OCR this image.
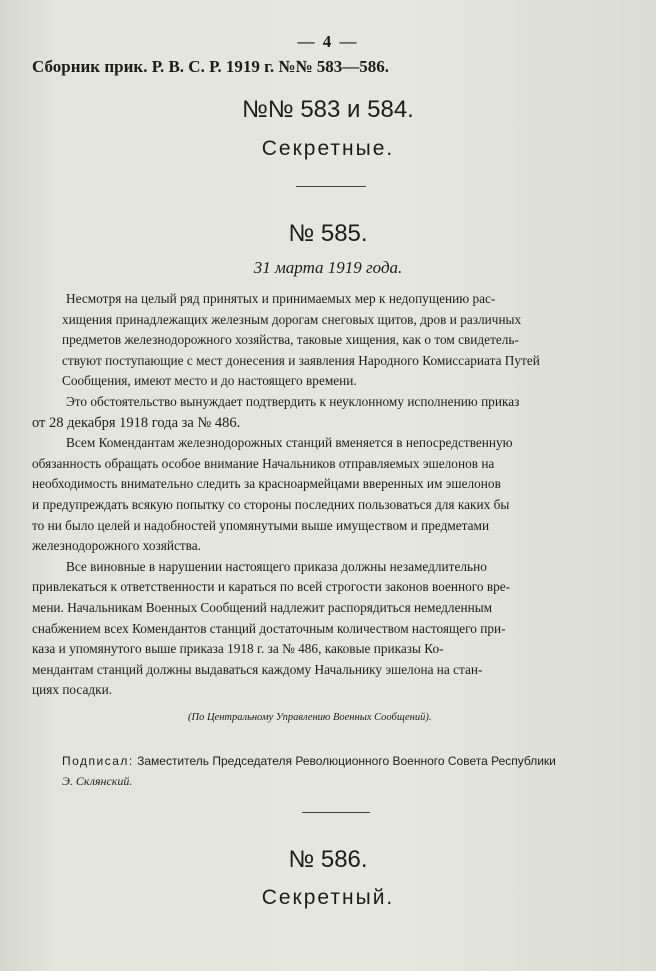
— 4 —
Сборник прик. Р. В. С. Р. 1919 г. №№ 583—586.
№№ 583 и 584.
Секретные.
№ 585.
31 марта 1919 года.

Несмотря на целый ряд принятых и принимаемых мер к недопущению рас-

хищения принадлежащих железным дорогам снеговых щитов, дров и различных

предметов железнодорожного хозяйства, таковые хищения, как о том свидетель-

ствуют поступающие с мест донесения и заявления Народного Комиссариата Путей

Сообщения, имеют место и до настоящего времени.

Это обстоятельство вынуждает подтвердить к неуклонному исполнению приказ

от 28 декабря 1918 года за № 486.

Всем Комендантам железнодорожных станций вменяется в непосредственную

обязанность обращать особое внимание Начальников отправляемых эшелонов на

необходимость внимательно следить за красноармейцами вверенных им эшелонов

и предупреждать всякую попытку со стороны последних пользоваться для каких бы

то ни было целей и надобностей упомянутыми выше имуществом и предметами

железнодорожного хозяйства.

Все виновные в нарушении настоящего приказа должны незамедлительно

привлекаться к ответственности и караться по всей строгости законов военного вре-

мени. Начальникам Военных Сообщений надлежит распорядиться немедленным

снабжением всех Комендантов станций достаточным количеством настоящего при-

каза и упомянутого выше приказа 1918 г. за № 486, каковые приказы Ко-

мендантам станций должны выдаваться каждому Начальнику эшелона на стан-

циях посадки.

(По Центральному Управлению Военных Сообщений).
Подписал: Заместитель Председателя Революционного Военного Совета Республики
Э. Склянский.
№ 586.
Секретный.
